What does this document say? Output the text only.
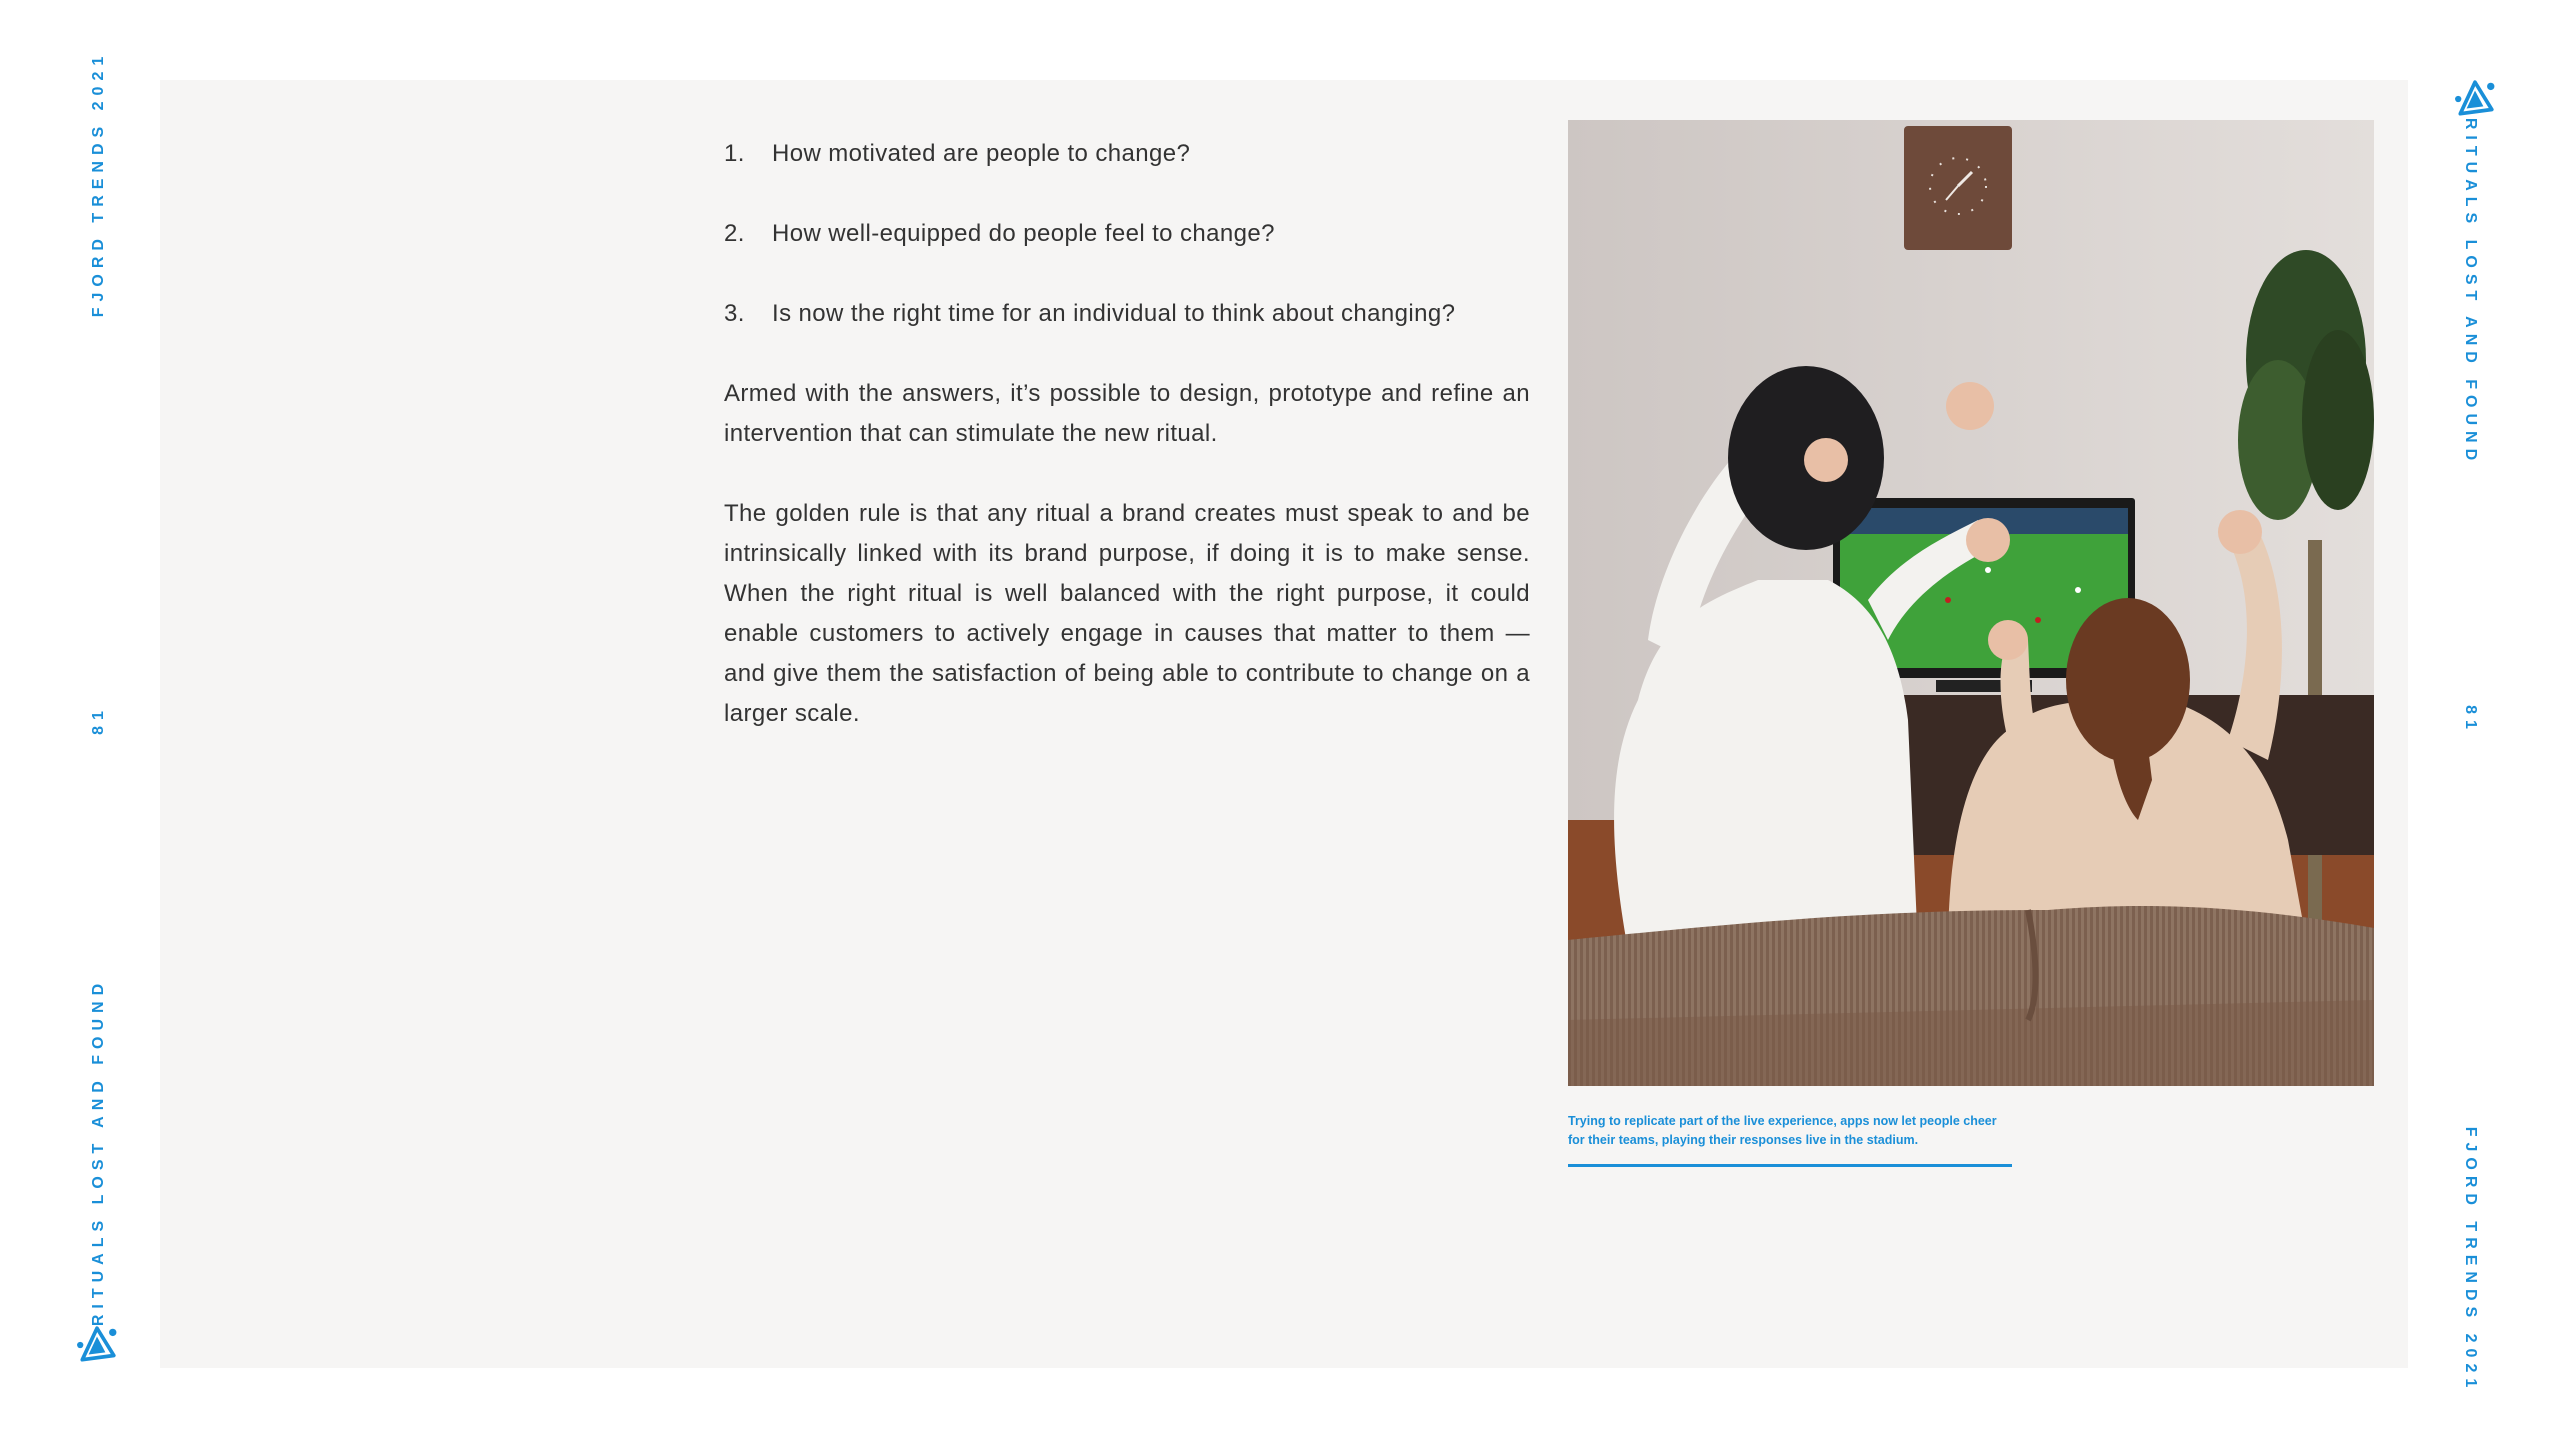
FJORD TRENDS 2021
81
RITUALS LOST AND FOUND
1.	How motivated are people to change?
2.	How well-equipped do people feel to change?
3.	Is now the right time for an individual to think about changing?

Armed with the answers, it’s possible to design, prototype and refine an intervention that can stimulate the new ritual.

The golden rule is that any ritual a brand creates must speak to and be intrinsically linked with its brand purpose, if doing it is to make sense. When the right ritual is well balanced with the right purpose, it could enable customers to actively engage in causes that matter to them — and give them the satisfaction of being able to contribute to change on a larger scale.

Trying to replicate part of the live experience, apps now let people cheer for their teams, playing their responses live in the stadium.
RITUALS LOST AND FOUND
81
FJORD TRENDS 2021
